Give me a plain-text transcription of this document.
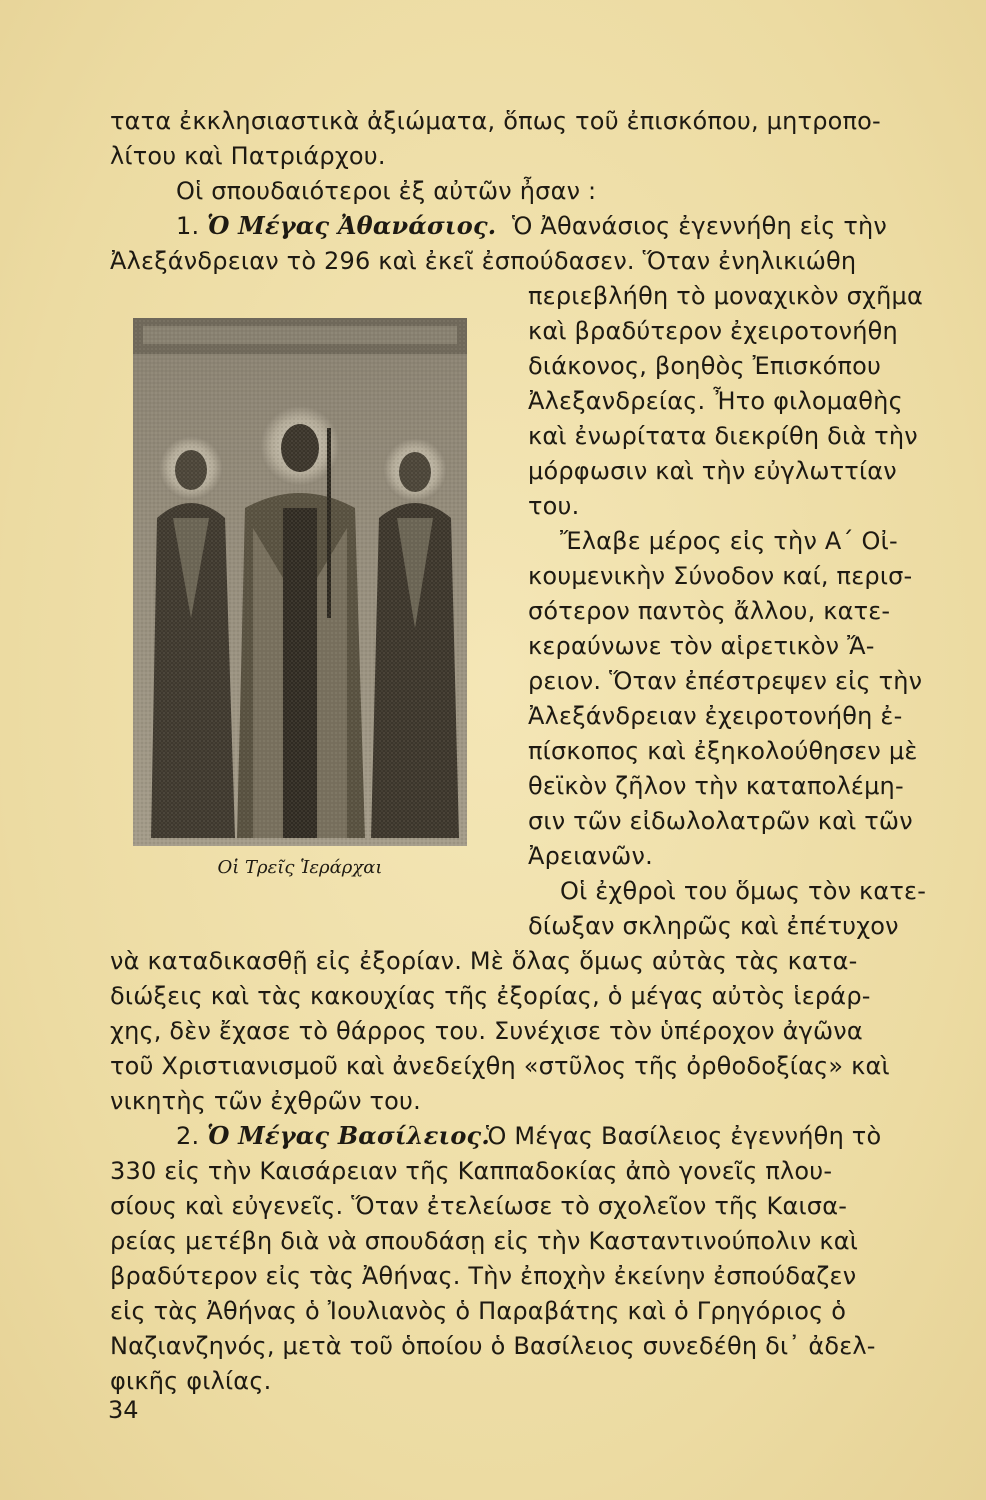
τατα ἐκκλησιαστικὰ ἀξιώματα, ὅπως τοῦ ἐπισκόπου, μητροπο-
λίτου καὶ Πατριάρχου.
Οἱ σπουδαιότεροι ἐξ αὐτῶν ἦσαν :
1. Ὁ Μέγας Ἀθανάσιος. Ὁ Ἀθανάσιος ἐγεννήθη εἰς τὴν
Ἀλεξάνδρειαν τὸ 296 καὶ ἐκεῖ ἐσπούδασεν. Ὅταν ἐνηλικιώθη
περιεβλήθη τὸ μοναχικὸν σχῆμα
καὶ βραδύτερον ἐχειροτονήθη
διάκονος, βοηθὸς Ἐπισκόπου
Ἀλεξανδρείας. Ἦτο φιλομαθὴς
καὶ ἐνωρίτατα διεκρίθη διὰ τὴν
μόρφωσιν καὶ τὴν εὐγλωττίαν
του.
Ἔλαβε μέρος εἰς τὴν Α΄ Οἰ-
κουμενικὴν Σύνοδον καί, περισ-
σότερον παντὸς ἄλλου, κατε-
κεραύνωνε τὸν αἱρετικὸν Ἄ-
ρειον. Ὅταν ἐπέστρεψεν εἰς τὴν
Ἀλεξάνδρειαν ἐχειροτονήθη ἐ-
πίσκοπος καὶ ἐξηκολούθησεν μὲ
θεϊκὸν ζῆλον τὴν καταπολέμη-
σιν τῶν εἰδωλολατρῶν καὶ τῶν
Ἀρειανῶν.
Οἱ ἐχθροὶ του ὅμως τὸν κατε-
δίωξαν σκληρῶς καὶ ἐπέτυχον
νὰ καταδικασθῇ εἰς ἐξορίαν. Μὲ ὅλας ὅμως αὐτὰς τὰς κατα-
διώξεις καὶ τὰς κακουχίας τῆς ἐξορίας, ὁ μέγας αὐτὸς ἱεράρ-
χης, δὲν ἔχασε τὸ θάρρος του. Συνέχισε τὸν ὑπέροχον ἀγῶνα
τοῦ Χριστιανισμοῦ καὶ ἀνεδείχθη «στῦλος τῆς ὀρθοδοξίας» καὶ
νικητὴς τῶν ἐχθρῶν του.
2. Ὁ Μέγας Βασίλειος.
Ὁ Μέγας Βασίλειος ἐγεννήθη τὸ
330 εἰς τὴν Καισάρειαν τῆς Καππαδοκίας ἀπὸ γονεῖς πλου-
σίους καὶ εὐγενεῖς. Ὅταν ἐτελείωσε τὸ σχολεῖον τῆς Καισα-
ρείας μετέβη διὰ νὰ σπουδάσῃ εἰς τὴν Κασταντινούπολιν καὶ
βραδύτερον εἰς τὰς Ἀθήνας. Τὴν ἐποχὴν ἐκείνην ἐσπούδαζεν
εἰς τὰς Ἀθήνας ὁ Ἰουλιανὸς ὁ Παραβάτης καὶ ὁ Γρηγόριος ὁ
Ναζιανζηνός, μετὰ τοῦ ὁποίου ὁ Βασίλειος συνεδέθη δι᾽ ἀδελ-
φικῆς φιλίας.
Οἱ Τρεῖς Ἱεράρχαι
34
